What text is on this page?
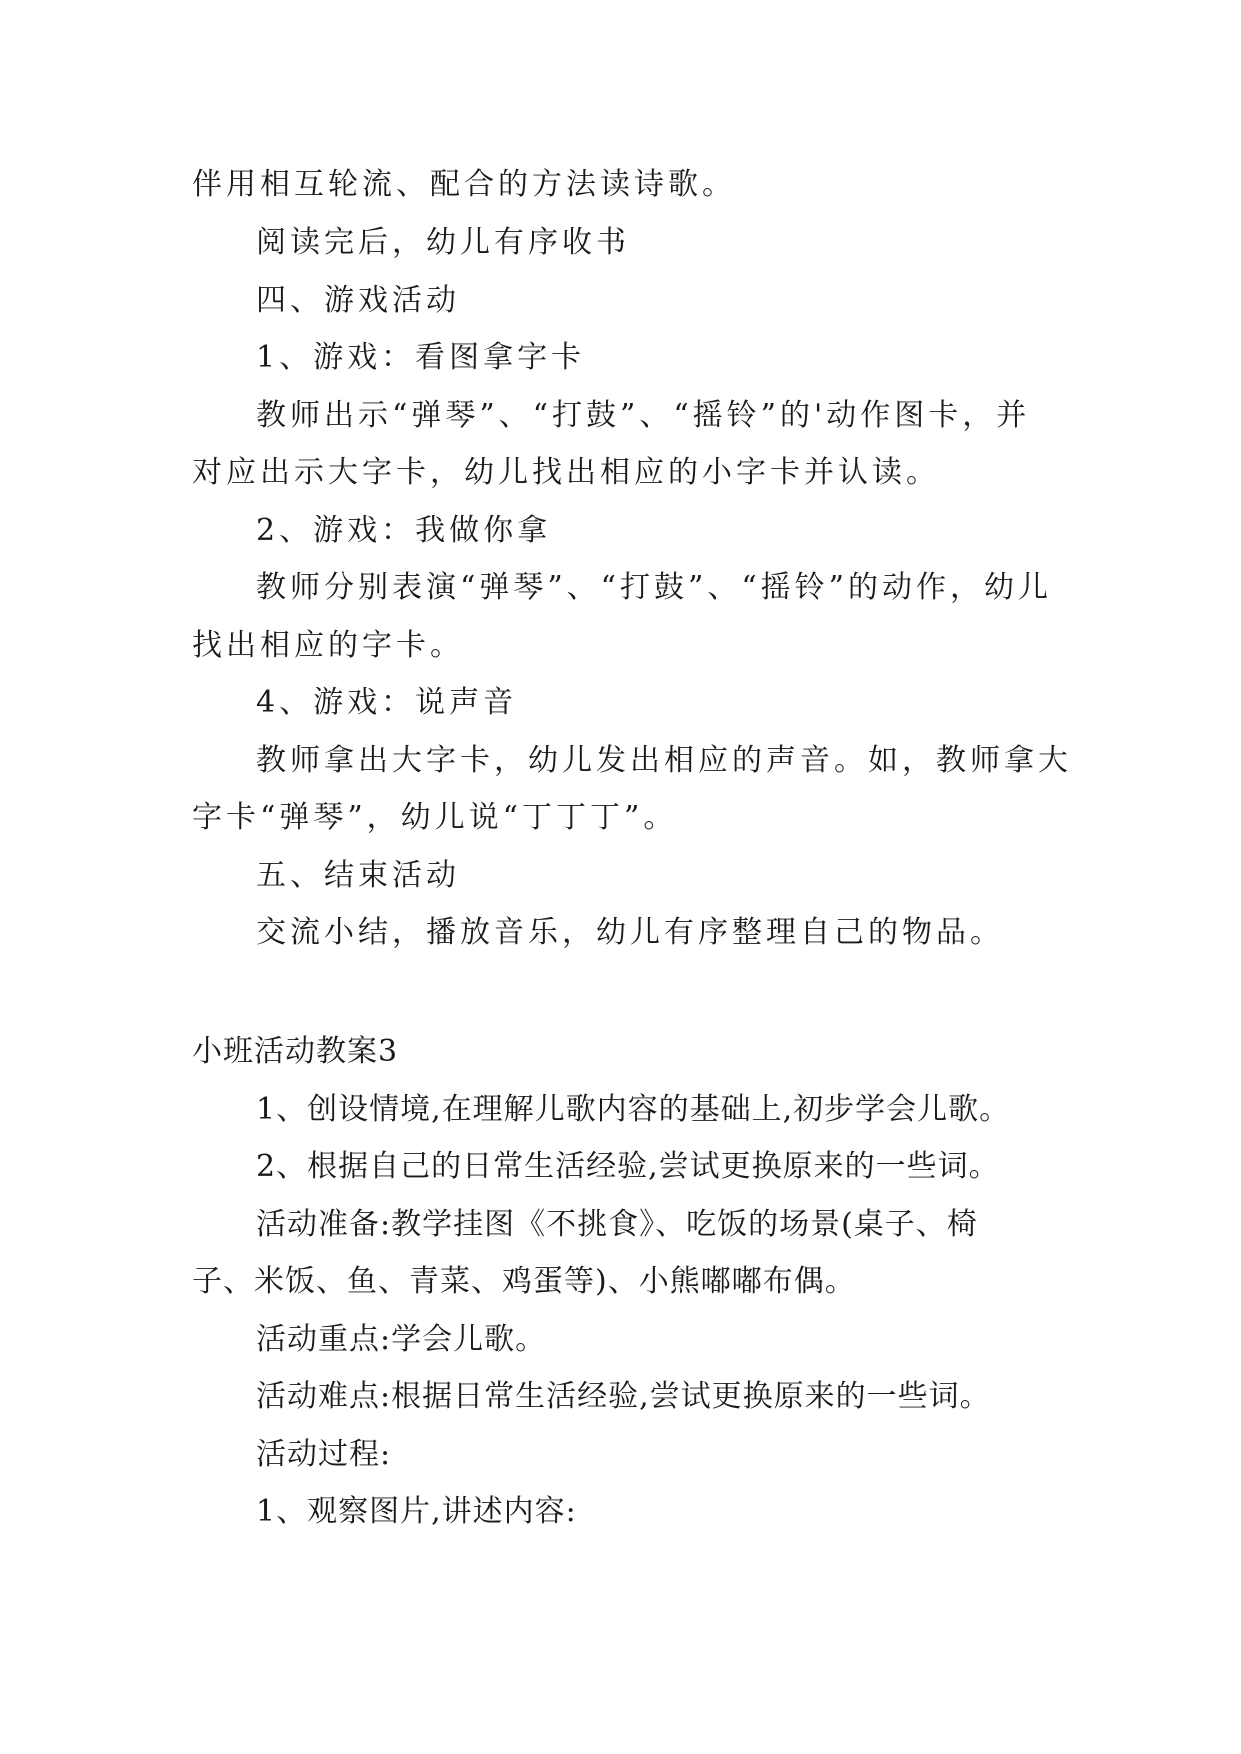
伴用相互轮流、配合的方法读诗歌。
阅读完后，幼儿有序收书
四、游戏活动
1、游戏：看图拿字卡
教师出示“弹琴”、“打鼓”、“摇铃”的'动作图卡，并
对应出示大字卡，幼儿找出相应的小字卡并认读。
2、游戏：我做你拿
教师分别表演“弹琴”、“打鼓”、“摇铃”的动作，幼儿
找出相应的字卡。
4、游戏：说声音
教师拿出大字卡，幼儿发出相应的声音。如，教师拿大
字卡“弹琴”，幼儿说“丁丁丁”。
五、结束活动
交流小结，播放音乐，幼儿有序整理自己的物品。
小班活动教案3
1、创设情境,在理解儿歌内容的基础上,初步学会儿歌。
2、根据自己的日常生活经验,尝试更换原来的一些词。
活动准备:教学挂图《不挑食》、吃饭的场景(桌子、椅
子、米饭、鱼、青菜、鸡蛋等)、小熊嘟嘟布偶。
活动重点:学会儿歌。
活动难点:根据日常生活经验,尝试更换原来的一些词。
活动过程:
1、观察图片,讲述内容:
